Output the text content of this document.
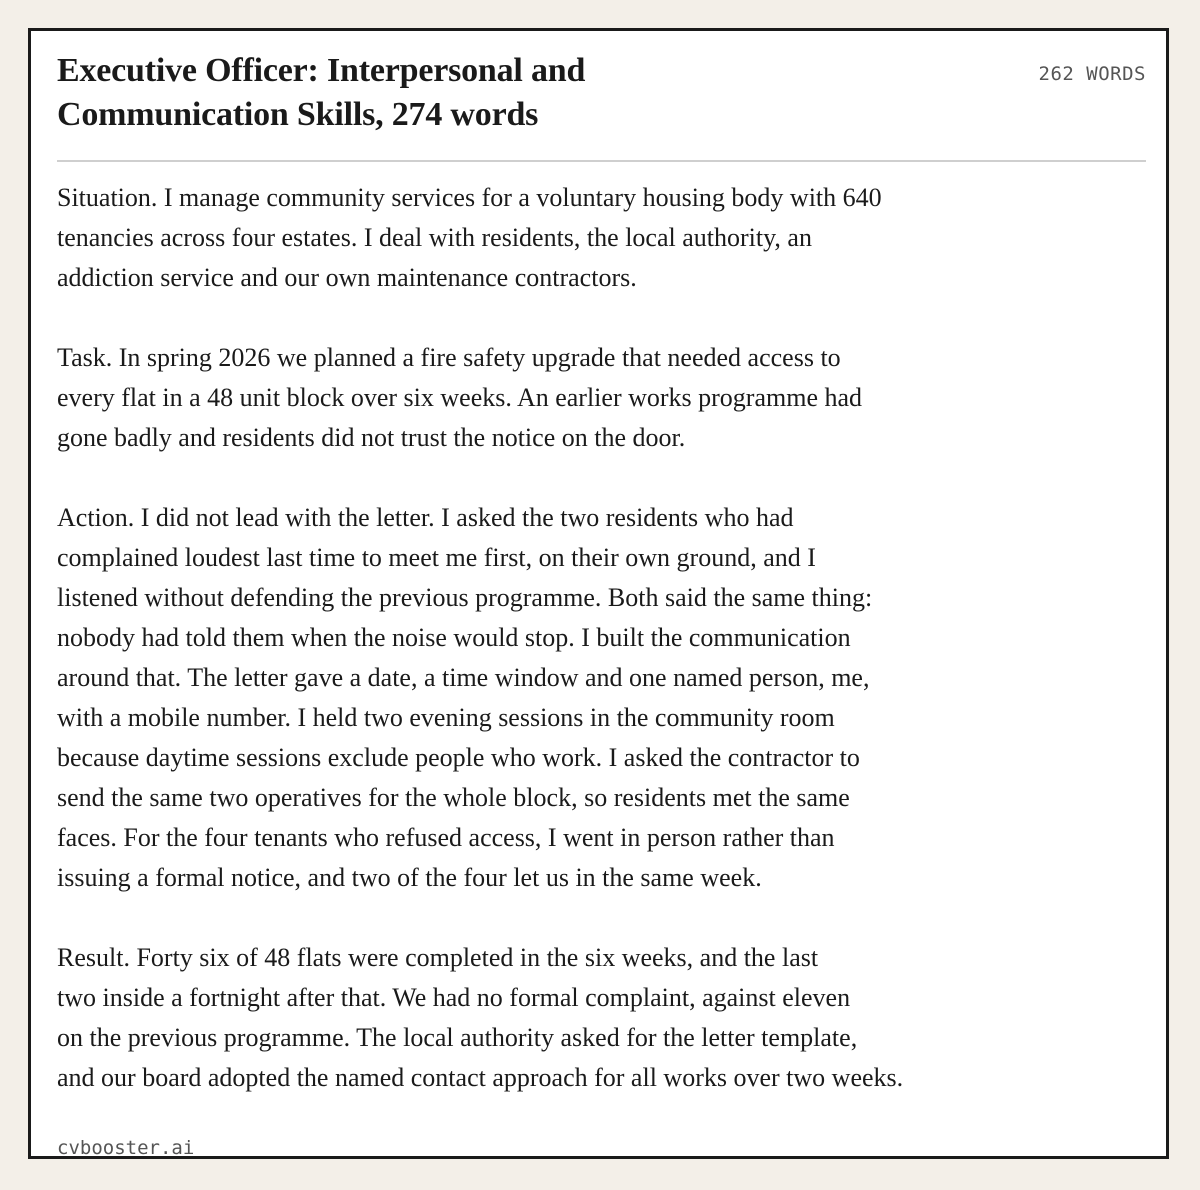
Executive Officer: Interpersonal and
Communication Skills, 274 words
262 WORDS

Situation. I manage community services for a voluntary housing body with 640
tenancies across four estates. I deal with residents, the local authority, an
addiction service and our own maintenance contractors.

Task. In spring 2026 we planned a fire safety upgrade that needed access to
every flat in a 48 unit block over six weeks. An earlier works programme had
gone badly and residents did not trust the notice on the door.

Action. I did not lead with the letter. I asked the two residents who had
complained loudest last time to meet me first, on their own ground, and I
listened without defending the previous programme. Both said the same thing:
nobody had told them when the noise would stop. I built the communication
around that. The letter gave a date, a time window and one named person, me,
with a mobile number. I held two evening sessions in the community room
because daytime sessions exclude people who work. I asked the contractor to
send the same two operatives for the whole block, so residents met the same
faces. For the four tenants who refused access, I went in person rather than
issuing a formal notice, and two of the four let us in the same week.

Result. Forty six of 48 flats were completed in the six weeks, and the last
two inside a fortnight after that. We had no formal complaint, against eleven
on the previous programme. The local authority asked for the letter template,
and our board adopted the named contact approach for all works over two weeks.

cvbooster.ai
